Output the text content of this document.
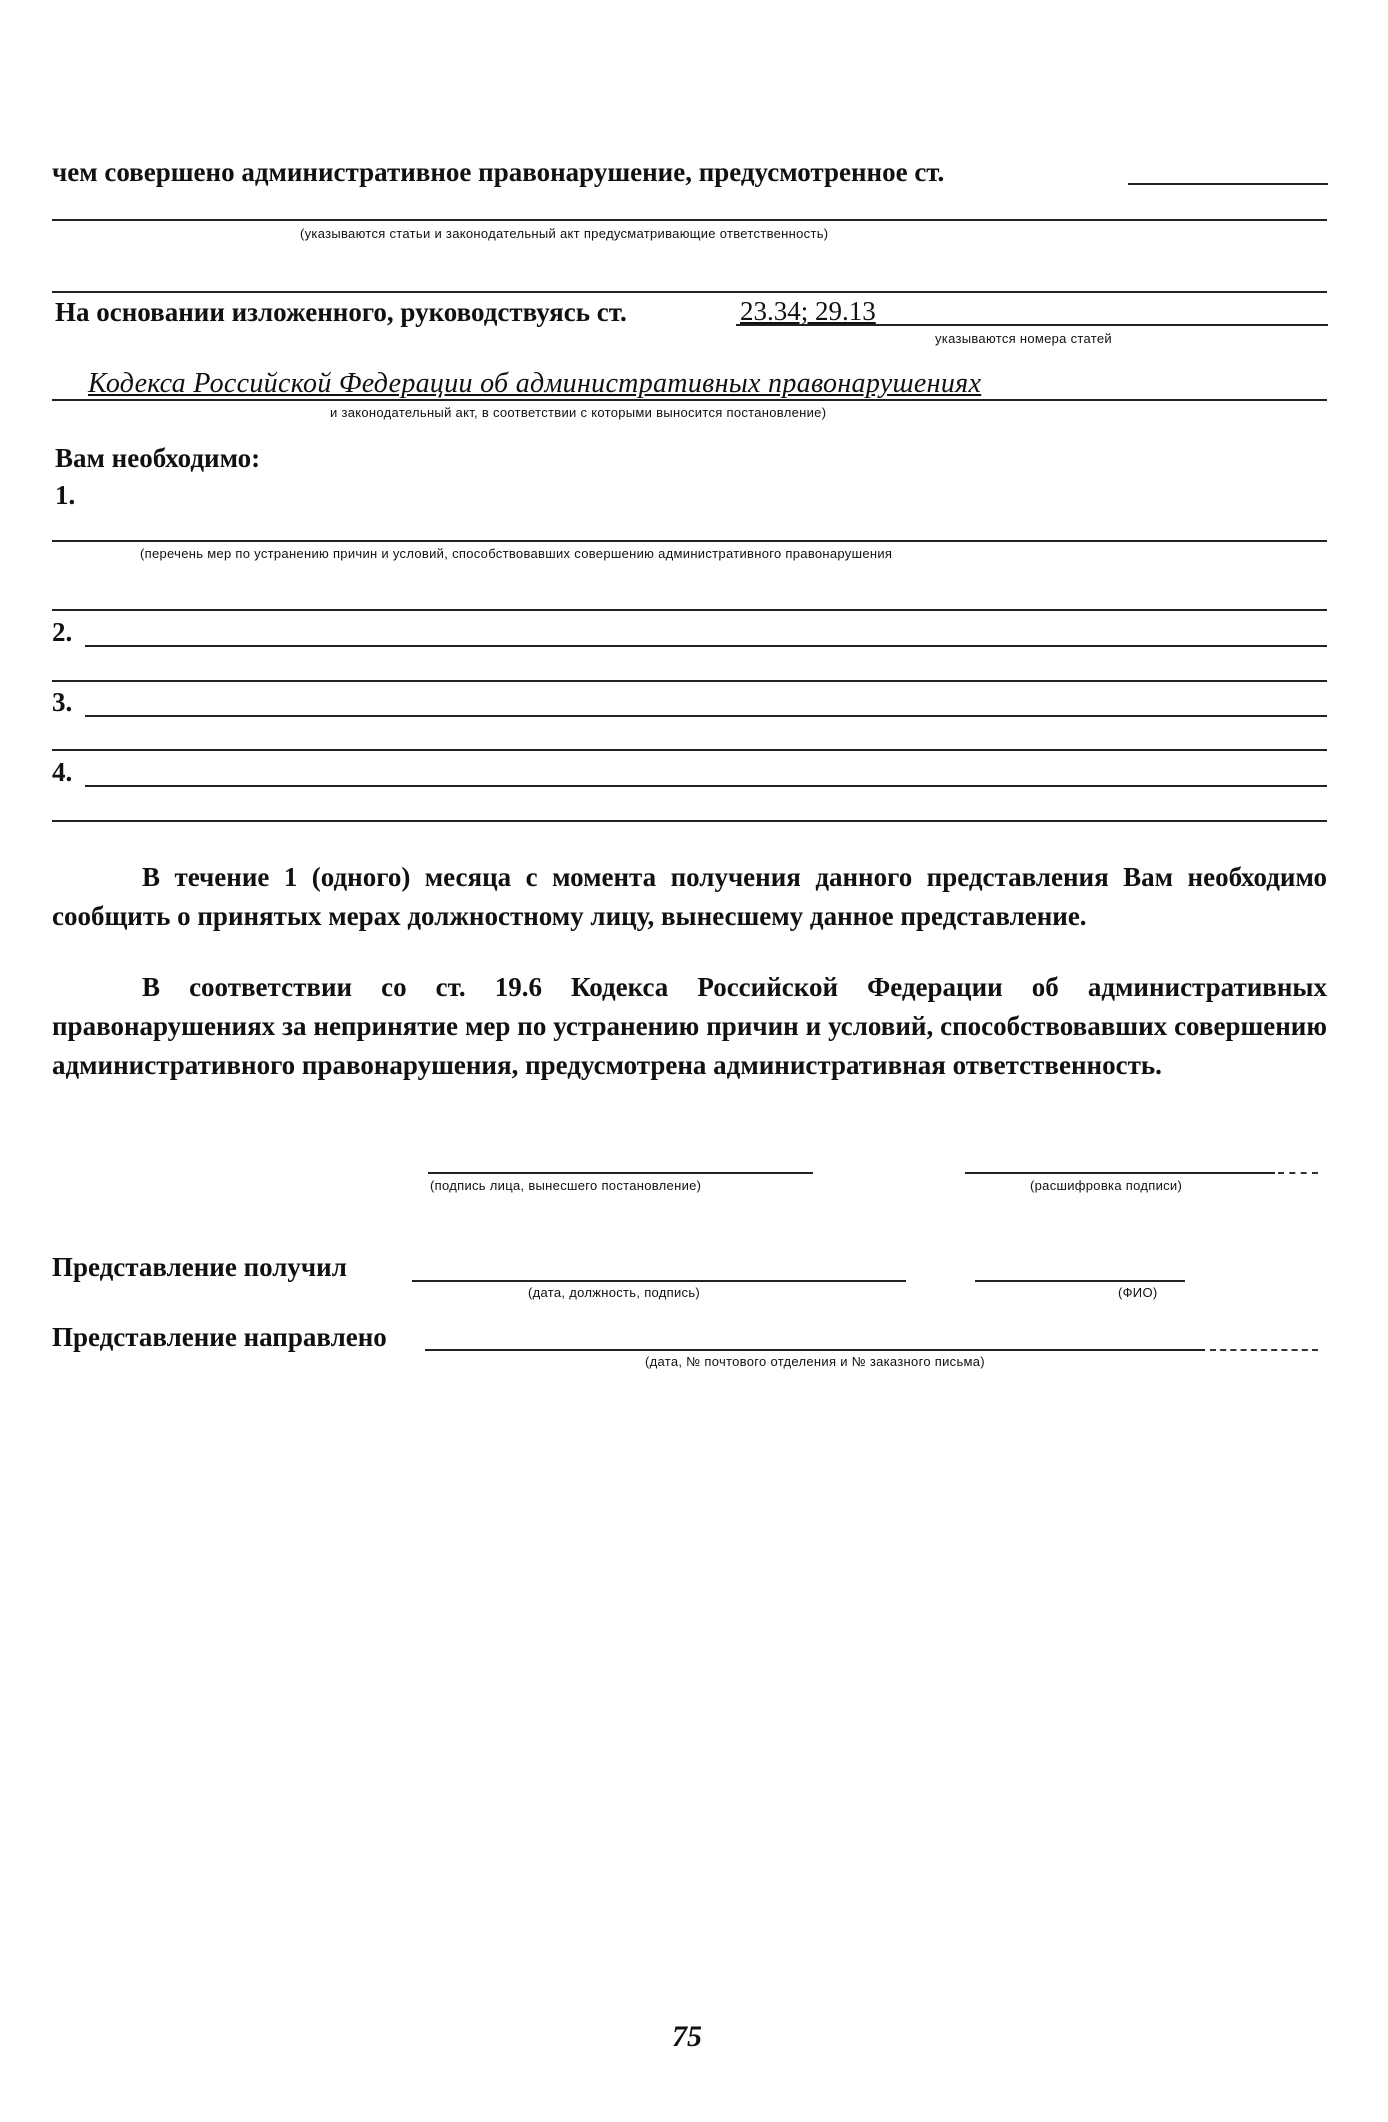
чем совершено административное правонарушение, предусмотренное ст.
(указываются статьи и законодательный акт предусматривающие ответственность)
На основании изложенного, руководствуясь ст.	23.34; 29.13
указываются номера статей
Кодекса Российской Федерации об административных правонарушениях
и законодательный акт, в соответствии с которыми выносится постановление)
Вам необходимо:
1.
(перечень мер по устранению причин и условий, способствовавших совершению административного правонарушения
2.
3.
4.
В течение 1 (одного) месяца с момента получения данного представления Вам необходимо сообщить о принятых мерах должностному лицу, вынесшему данное представление.
В соответствии со ст. 19.6 Кодекса Российской Федерации об административных правонарушениях за непринятие мер по устранению причин и условий, способствовавших совершению административного правонарушения, предусмотрена административная ответственность.
(подпись лица, вынесшего постановление)	(расшифровка подписи)
Представление получил
(дата, должность, подпись)	(ФИО)
Представление направлено
(дата, № почтового отделения и № заказного письма)
75
